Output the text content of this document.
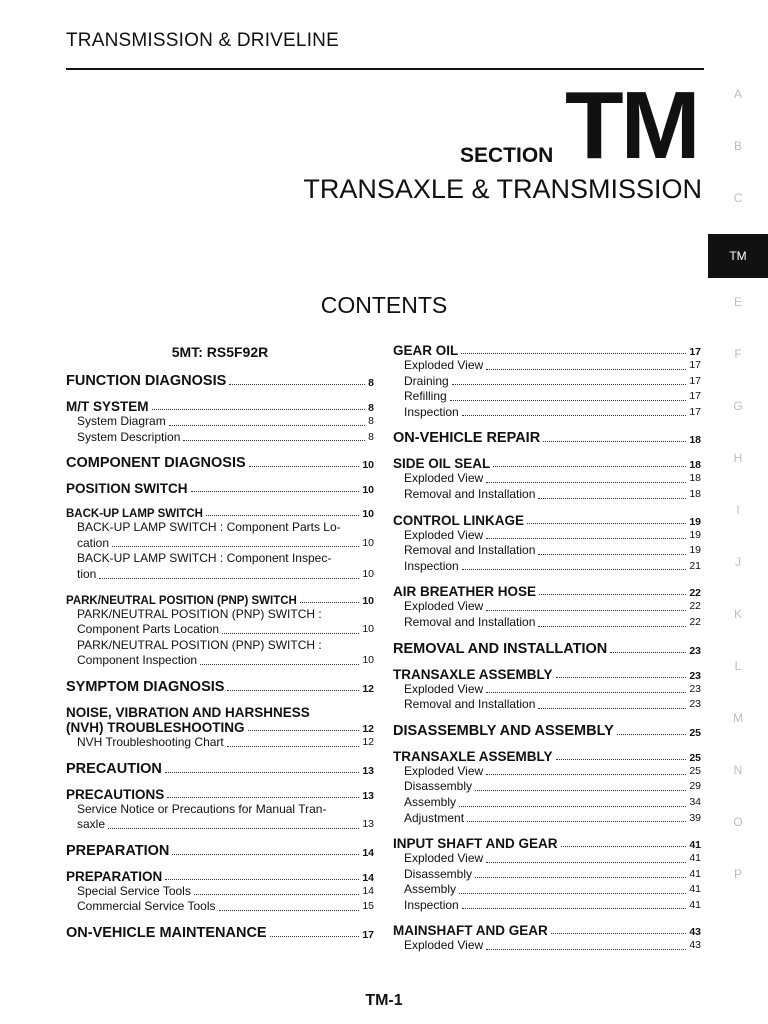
TRANSMISSION & DRIVELINE
SECTION TM
TRANSAXLE & TRANSMISSION
CONTENTS
A
B
C
TM
E
F
G
H
I
J
K
L
M
N
O
P
5MT: RS5F92R
FUNCTION DIAGNOSIS	8
M/T SYSTEM	8
System Diagram	8
System Description	8
COMPONENT DIAGNOSIS	10
POSITION SWITCH	10
BACK-UP LAMP SWITCH	10
BACK-UP LAMP SWITCH : Component Parts Lo-
cation	10
BACK-UP LAMP SWITCH : Component Inspec-
tion	10
PARK/NEUTRAL POSITION (PNP) SWITCH	10
PARK/NEUTRAL POSITION (PNP) SWITCH :
Component Parts Location	10
PARK/NEUTRAL POSITION (PNP) SWITCH :
Component Inspection	10
SYMPTOM DIAGNOSIS	12
NOISE, VIBRATION AND HARSHNESS
(NVH) TROUBLESHOOTING	12
NVH Troubleshooting Chart	12
PRECAUTION	13
PRECAUTIONS	13
Service Notice or Precautions for Manual Tran-
saxle	13
PREPARATION	14
PREPARATION	14
Special Service Tools	14
Commercial Service Tools	15
ON-VEHICLE MAINTENANCE	17
GEAR OIL	17
Exploded View	17
Draining	17
Refilling	17
Inspection	17
ON-VEHICLE REPAIR	18
SIDE OIL SEAL	18
Exploded View	18
Removal and Installation	18
CONTROL LINKAGE	19
Exploded View	19
Removal and Installation	19
Inspection	21
AIR BREATHER HOSE	22
Exploded View	22
Removal and Installation	22
REMOVAL AND INSTALLATION	23
TRANSAXLE ASSEMBLY	23
Exploded View	23
Removal and Installation	23
DISASSEMBLY AND ASSEMBLY	25
TRANSAXLE ASSEMBLY	25
Exploded View	25
Disassembly	29
Assembly	34
Adjustment	39
INPUT SHAFT AND GEAR	41
Exploded View	41
Disassembly	41
Assembly	41
Inspection	41
MAINSHAFT AND GEAR	43
Exploded View	43
TM-1
